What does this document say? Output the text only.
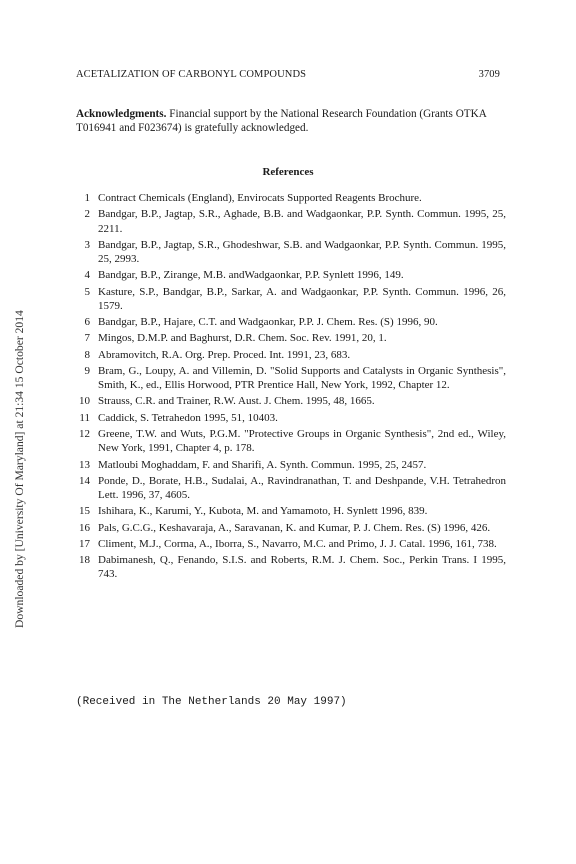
ACETALIZATION OF CARBONYL COMPOUNDS	3709
Acknowledgments. Financial support by the National Research Foundation (Grants OTKA T016941 and F023674) is gratefully acknowledged.
References
1 Contract Chemicals (England), Envirocats Supported Reagents Brochure.
2 Bandgar, B.P., Jagtap, S.R., Aghade, B.B. and Wadgaonkar, P.P. Synth. Commun. 1995, 25, 2211.
3 Bandgar, B.P., Jagtap, S.R., Ghodeshwar, S.B. and Wadgaonkar, P.P. Synth. Commun. 1995, 25, 2993.
4 Bandgar, B.P., Zirange, M.B. andWadgaonkar, P.P. Synlett 1996, 149.
5 Kasture, S.P., Bandgar, B.P., Sarkar, A. and Wadgaonkar, P.P. Synth. Commun. 1996, 26, 1579.
6 Bandgar, B.P., Hajare, C.T. and Wadgaonkar, P.P. J. Chem. Res. (S) 1996, 90.
7 Mingos, D.M.P. and Baghurst, D.R. Chem. Soc. Rev. 1991, 20, 1.
8 Abramovitch, R.A. Org. Prep. Proced. Int. 1991, 23, 683.
9 Bram, G., Loupy, A. and Villemin, D. "Solid Supports and Catalysts in Organic Synthesis", Smith, K., ed., Ellis Horwood, PTR Prentice Hall, New York, 1992, Chapter 12.
10 Strauss, C.R. and Trainer, R.W. Aust. J. Chem. 1995, 48, 1665.
11 Caddick, S. Tetrahedon 1995, 51, 10403.
12 Greene, T.W. and Wuts, P.G.M. "Protective Groups in Organic Synthesis", 2nd ed., Wiley, New York, 1991, Chapter 4, p. 178.
13 Matloubi Moghaddam, F. and Sharifi, A. Synth. Commun. 1995, 25, 2457.
14 Ponde, D., Borate, H.B., Sudalai, A., Ravindranathan, T. and Deshpande, V.H. Tetrahedron Lett. 1996, 37, 4605.
15 Ishihara, K., Karumi, Y., Kubota, M. and Yamamoto, H. Synlett 1996, 839.
16 Pals, G.C.G., Keshavaraja, A., Saravanan, K. and Kumar, P. J. Chem. Res. (S) 1996, 426.
17 Climent, M.J., Corma, A., Iborra, S., Navarro, M.C. and Primo, J. J. Catal. 1996, 161, 738.
18 Dabimanesh, Q., Fenando, S.I.S. and Roberts, R.M. J. Chem. Soc., Perkin Trans. I 1995, 743.
(Received in The Netherlands 20 May 1997)
Downloaded by [University Of Maryland] at 21:34 15 October 2014
